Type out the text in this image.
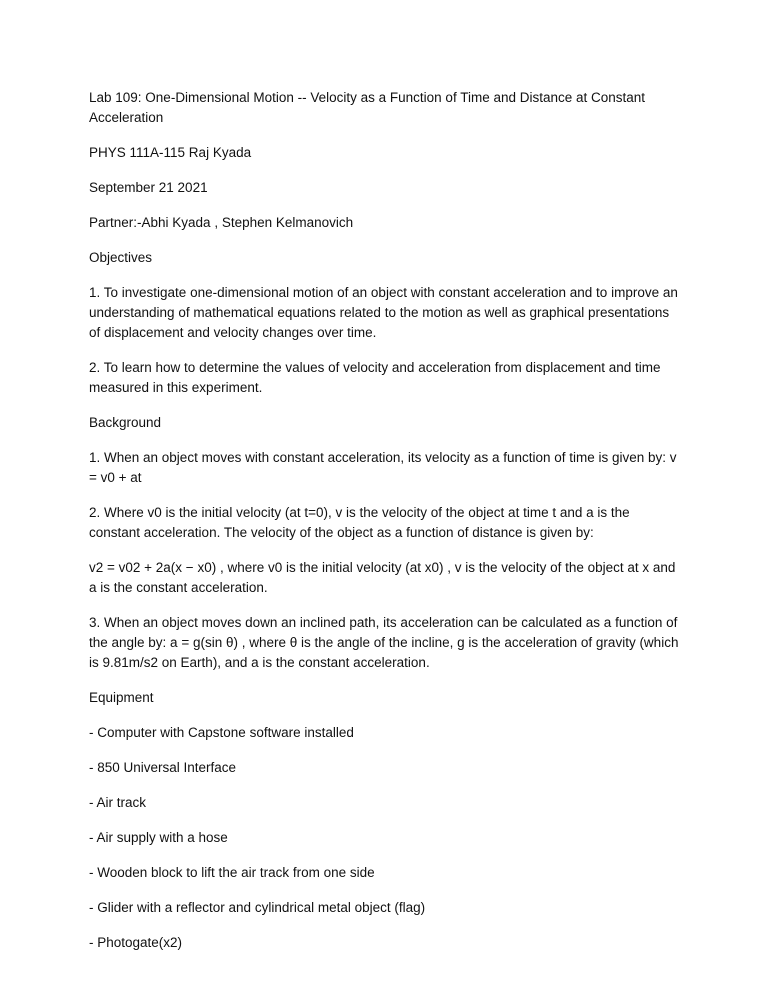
Lab 109: One-Dimensional Motion -- Velocity as a Function of Time and Distance at Constant Acceleration

PHYS 111A-115 Raj Kyada

September 21 2021

Partner:-Abhi Kyada , Stephen Kelmanovich

Objectives

1. To investigate one-dimensional motion of an object with constant acceleration and to improve an understanding of mathematical equations related to the motion as well as graphical presentations of displacement and velocity changes over time.

2. To learn how to determine the values of velocity and acceleration from displacement and time measured in this experiment.

Background

1. When an object moves with constant acceleration, its velocity as a function of time is given by: v = v0 + at

2. Where v0 is the initial velocity (at t=0), v is the velocity of the object at time t and a is the constant acceleration. The velocity of the object as a function of distance is given by:

v2 = v02 + 2a(x − x0) , where v0 is the initial velocity (at x0) , v is the velocity of the object at x and a is the constant acceleration.

3. When an object moves down an inclined path, its acceleration can be calculated as a function of the angle by: a = g(sin θ) , where θ is the angle of the incline, g is the acceleration of gravity (which is 9.81m/s2 on Earth), and a is the constant acceleration.

Equipment

- Computer with Capstone software installed

- 850 Universal Interface

- Air track

- Air supply with a hose

- Wooden block to lift the air track from one side

- Glider with a reflector and cylindrical metal object (flag)

- Photogate(x2)
